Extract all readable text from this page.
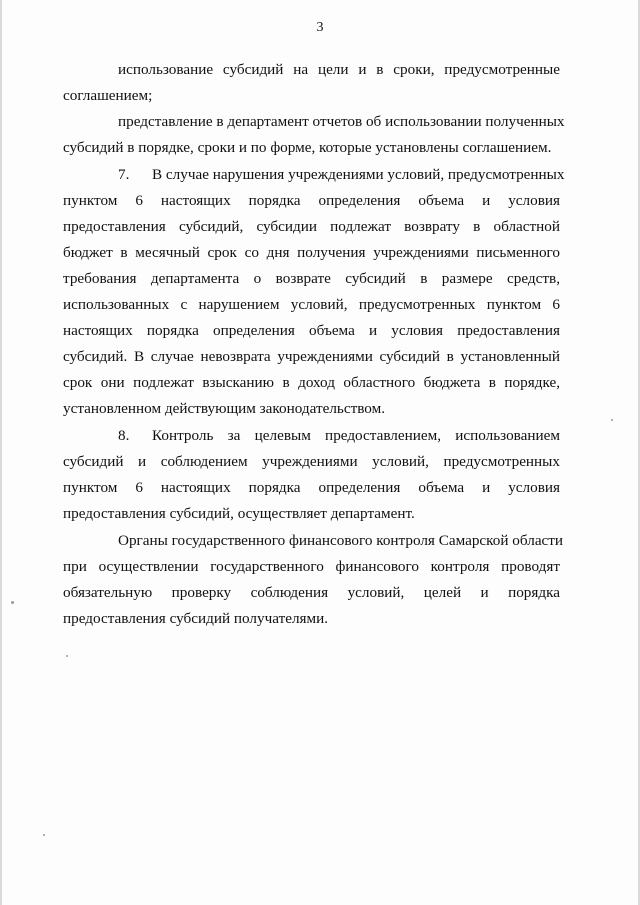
3
использование субсидий на цели и в сроки, предусмотренные
соглашением;
представление в департамент отчетов об использовании полученных
субсидий в порядке, сроки и по форме, которые установлены соглашением.
7. В случае нарушения учреждениями условий, предусмотренных
пунктом 6 настоящих порядка определения объема и условия
предоставления субсидий, субсидии подлежат возврату в областной
бюджет в месячный срок со дня получения учреждениями письменного
требования департамента о возврате субсидий в размере средств,
использованных с нарушением условий, предусмотренных пунктом 6
настоящих порядка определения объема и условия предоставления
субсидий. В случае невозврата учреждениями субсидий в установленный
срок они подлежат взысканию в доход областного бюджета в порядке,
установленном действующим законодательством.
8. Контроль за целевым предоставлением, использованием
субсидий и соблюдением учреждениями условий, предусмотренных
пунктом 6 настоящих порядка определения объема и условия
предоставления субсидий, осуществляет департамент.
Органы государственного финансового контроля Самарской области
при осуществлении государственного финансового контроля проводят
обязательную проверку соблюдения условий, целей и порядка
предоставления субсидий получателями.
